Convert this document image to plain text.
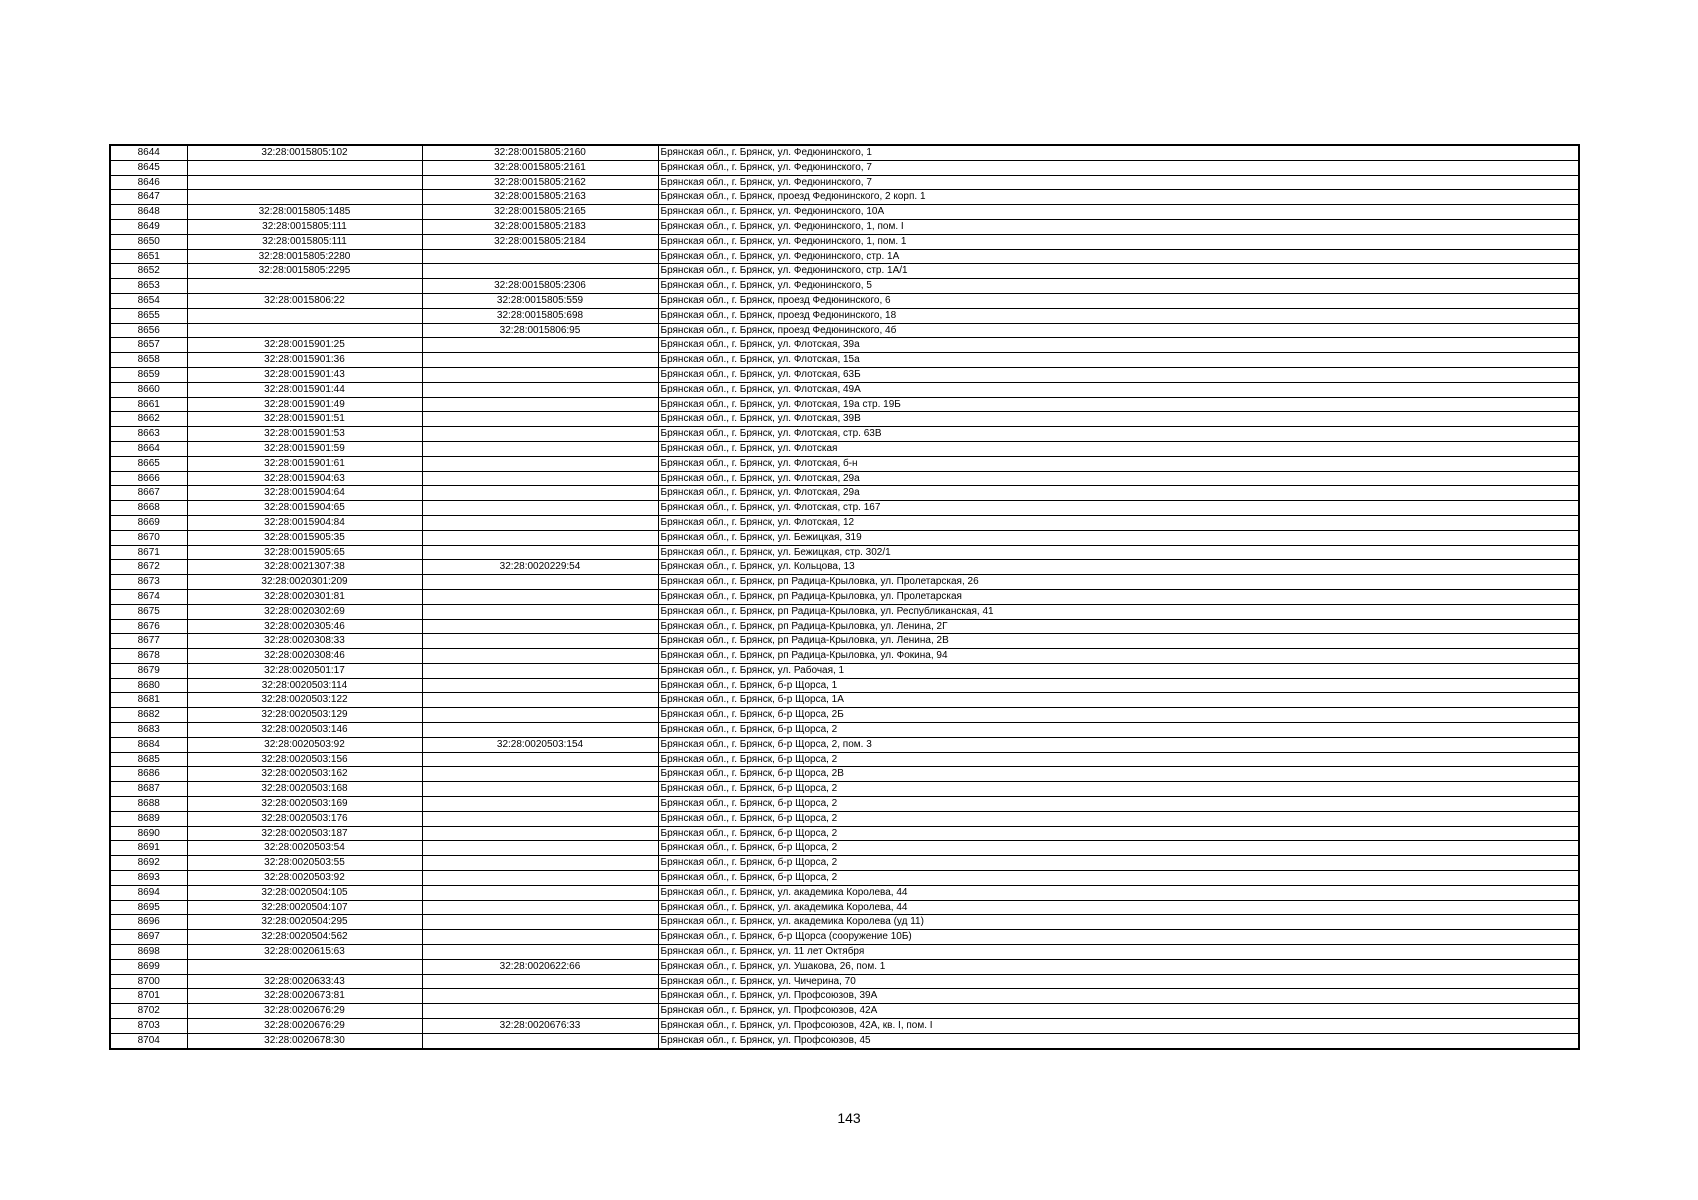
8644	32:28:0015805:102	32:28:0015805:2160	Брянская обл., г. Брянск, ул. Федюнинского, 1
8645		32:28:0015805:2161	Брянская обл., г. Брянск, ул. Федюнинского, 7
8646		32:28:0015805:2162	Брянская обл., г. Брянск, ул. Федюнинского, 7
8647		32:28:0015805:2163	Брянская обл., г. Брянск, проезд Федюнинского, 2 корп. 1
8648	32:28:0015805:1485	32:28:0015805:2165	Брянская обл., г. Брянск, ул. Федюнинского, 10А
8649	32:28:0015805:111	32:28:0015805:2183	Брянская обл., г. Брянск, ул. Федюнинского, 1, пом. I
8650	32:28:0015805:111	32:28:0015805:2184	Брянская обл., г. Брянск, ул. Федюнинского, 1, пом. 1
8651	32:28:0015805:2280		Брянская обл., г. Брянск, ул. Федюнинского, стр. 1А
8652	32:28:0015805:2295		Брянская обл., г. Брянск, ул. Федюнинского, стр. 1А/1
8653		32:28:0015805:2306	Брянская обл., г. Брянск, ул. Федюнинского, 5
8654	32:28:0015806:22	32:28:0015805:559	Брянская обл., г. Брянск, проезд Федюнинского, 6
8655		32:28:0015805:698	Брянская обл., г. Брянск, проезд Федюнинского, 18
8656		32:28:0015806:95	Брянская обл., г. Брянск, проезд Федюнинского, 4б
8657	32:28:0015901:25		Брянская обл., г. Брянск, ул. Флотская, 39а
8658	32:28:0015901:36		Брянская обл., г. Брянск, ул. Флотская, 15а
8659	32:28:0015901:43		Брянская обл., г. Брянск, ул. Флотская, 63Б
8660	32:28:0015901:44		Брянская обл., г. Брянск, ул. Флотская, 49А
8661	32:28:0015901:49		Брянская обл., г. Брянск, ул. Флотская, 19а стр. 19Б
8662	32:28:0015901:51		Брянская обл., г. Брянск, ул. Флотская, 39В
8663	32:28:0015901:53		Брянская обл., г. Брянск, ул. Флотская, стр. 63В
8664	32:28:0015901:59		Брянская обл., г. Брянск, ул. Флотская
8665	32:28:0015901:61		Брянская обл., г. Брянск, ул. Флотская, б-н
8666	32:28:0015904:63		Брянская обл., г. Брянск, ул. Флотская, 29а
8667	32:28:0015904:64		Брянская обл., г. Брянск, ул. Флотская, 29а
8668	32:28:0015904:65		Брянская обл., г. Брянск, ул. Флотская, стр. 167
8669	32:28:0015904:84		Брянская обл., г. Брянск, ул. Флотская, 12
8670	32:28:0015905:35		Брянская обл., г. Брянск, ул. Бежицкая, 319
8671	32:28:0015905:65		Брянская обл., г. Брянск, ул. Бежицкая, стр. 302/1
8672	32:28:0021307:38	32:28:0020229:54	Брянская обл., г. Брянск, ул. Кольцова, 13
8673	32:28:0020301:209		Брянская обл., г. Брянск, рп Радица-Крыловка, ул. Пролетарская, 26
8674	32:28:0020301:81		Брянская обл., г. Брянск, рп Радица-Крыловка, ул. Пролетарская
8675	32:28:0020302:69		Брянская обл., г. Брянск, рп Радица-Крыловка, ул. Республиканская, 41
8676	32:28:0020305:46		Брянская обл., г. Брянск, рп Радица-Крыловка, ул. Ленина, 2Г
8677	32:28:0020308:33		Брянская обл., г. Брянск, рп Радица-Крыловка, ул. Ленина, 2В
8678	32:28:0020308:46		Брянская обл., г. Брянск, рп Радица-Крыловка, ул. Фокина, 94
8679	32:28:0020501:17		Брянская обл., г. Брянск, ул. Рабочая, 1
8680	32:28:0020503:114		Брянская обл., г. Брянск, б-р Щорса, 1
8681	32:28:0020503:122		Брянская обл., г. Брянск, б-р Щорса, 1А
8682	32:28:0020503:129		Брянская обл., г. Брянск, б-р Щорса, 2Б
8683	32:28:0020503:146		Брянская обл., г. Брянск, б-р Щорса, 2
8684	32:28:0020503:92	32:28:0020503:154	Брянская обл., г. Брянск, б-р Щорса, 2, пом. 3
8685	32:28:0020503:156		Брянская обл., г. Брянск, б-р Щорса, 2
8686	32:28:0020503:162		Брянская обл., г. Брянск, б-р Щорса, 2В
8687	32:28:0020503:168		Брянская обл., г. Брянск, б-р Щорса, 2
8688	32:28:0020503:169		Брянская обл., г. Брянск, б-р Щорса, 2
8689	32:28:0020503:176		Брянская обл., г. Брянск, б-р Щорса, 2
8690	32:28:0020503:187		Брянская обл., г. Брянск, б-р Щорса, 2
8691	32:28:0020503:54		Брянская обл., г. Брянск, б-р Щорса, 2
8692	32:28:0020503:55		Брянская обл., г. Брянск, б-р Щорса, 2
8693	32:28:0020503:92		Брянская обл., г. Брянск, б-р Щорса, 2
8694	32:28:0020504:105		Брянская обл., г. Брянск, ул. академика Королева, 44
8695	32:28:0020504:107		Брянская обл., г. Брянск, ул. академика Королева, 44
8696	32:28:0020504:295		Брянская обл., г. Брянск, ул. академика Королева (уд 11)
8697	32:28:0020504:562		Брянская обл., г. Брянск, б-р Щорса (сооружение 10Б)
8698	32:28:0020615:63		Брянская обл., г. Брянск, ул. 11 лет Октября
8699		32:28:0020622:66	Брянская обл., г. Брянск, ул. Ушакова, 26, пом. 1
8700	32:28:0020633:43		Брянская обл., г. Брянск, ул. Чичерина, 70
8701	32:28:0020673:81		Брянская обл., г. Брянск, ул. Профсоюзов, 39А
8702	32:28:0020676:29		Брянская обл., г. Брянск, ул. Профсоюзов, 42А
8703	32:28:0020676:29	32:28:0020676:33	Брянская обл., г. Брянск, ул. Профсоюзов, 42А, кв. I, пом. I
8704	32:28:0020678:30		Брянская обл., г. Брянск, ул. Профсоюзов, 45
143
